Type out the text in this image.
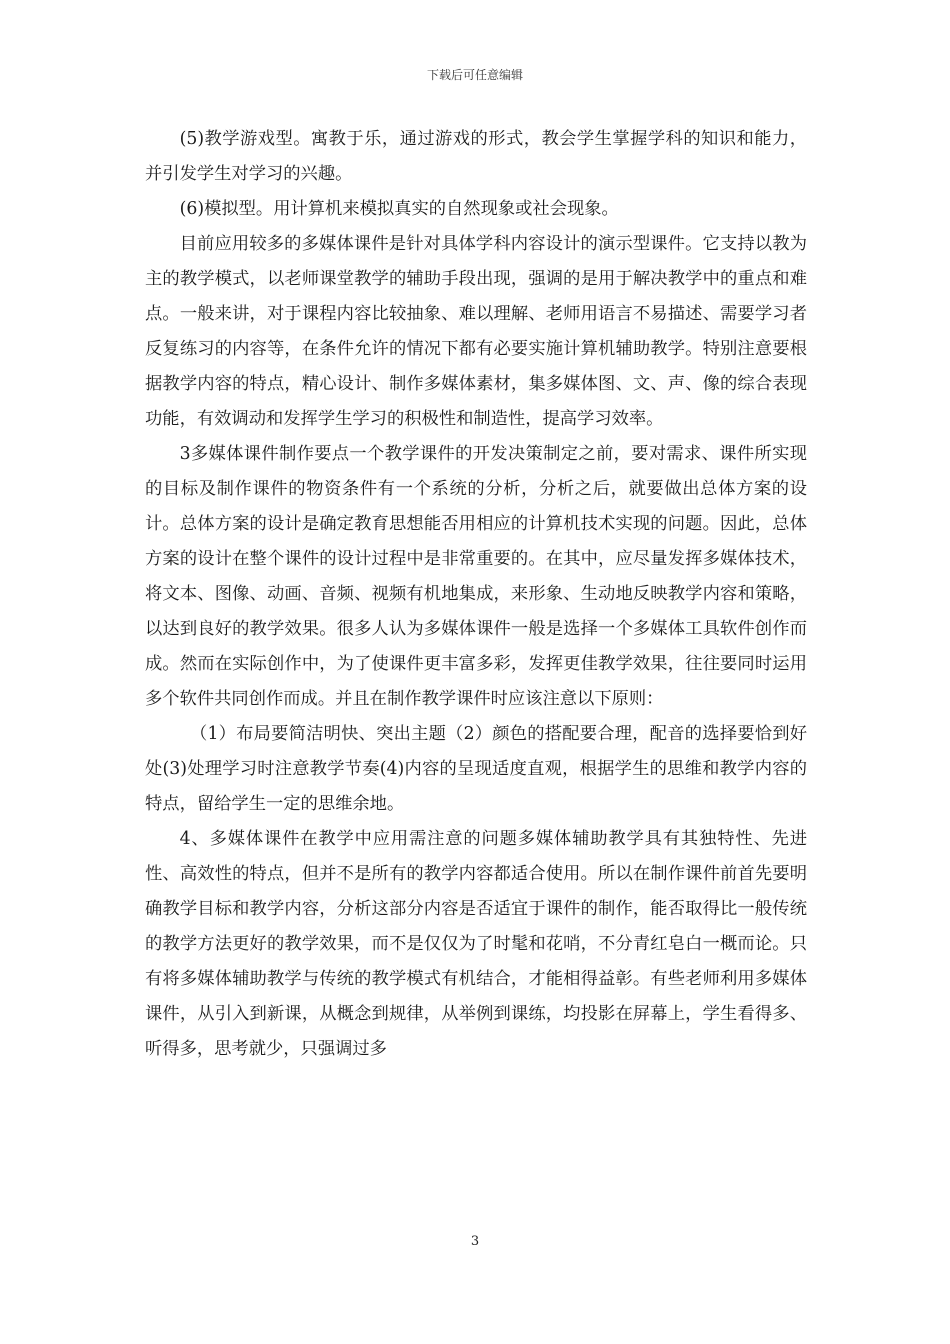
下载后可任意编辑

(5)教学游戏型。寓教于乐，通过游戏的形式，教会学生掌握学科的知识和能力，并引发学生对学习的兴趣。

(6)模拟型。用计算机来模拟真实的自然现象或社会现象。

目前应用较多的多媒体课件是针对具体学科内容设计的演示型课件。它支持以教为主的教学模式，以老师课堂教学的辅助手段出现，强调的是用于解决教学中的重点和难点。一般来讲，对于课程内容比较抽象、难以理解、老师用语言不易描述、需要学习者反复练习的内容等，在条件允许的情况下都有必要实施计算机辅助教学。特别注意要根据教学内容的特点，精心设计、制作多媒体素材，集多媒体图、文、声、像的综合表现功能，有效调动和发挥学生学习的积极性和制造性，提高学习效率。

3多媒体课件制作要点一个教学课件的开发决策制定之前，要对需求、课件所实现的目标及制作课件的物资条件有一个系统的分析，分析之后，就要做出总体方案的设计。总体方案的设计是确定教育思想能否用相应的计算机技术实现的问题。因此，总体方案的设计在整个课件的设计过程中是非常重要的。在其中，应尽量发挥多媒体技术，将文本、图像、动画、音频、视频有机地集成，来形象、生动地反映教学内容和策略，以达到良好的教学效果。很多人认为多媒体课件一般是选择一个多媒体工具软件创作而成。然而在实际创作中，为了使课件更丰富多彩，发挥更佳教学效果，往往要同时运用多个软件共同创作而成。并且在制作教学课件时应该注意以下原则：

（1）布局要简洁明快、突出主题（2）颜色的搭配要合理，配音的选择要恰到好处(3)处理学习时注意教学节奏(4)内容的呈现适度直观，根据学生的思维和教学内容的特点，留给学生一定的思维余地。

4、多媒体课件在教学中应用需注意的问题多媒体辅助教学具有其独特性、先进性、高效性的特点，但并不是所有的教学内容都适合使用。所以在制作课件前首先要明确教学目标和教学内容，分析这部分内容是否适宜于课件的制作，能否取得比一般传统的教学方法更好的教学效果，而不是仅仅为了时髦和花哨，不分青红皂白一概而论。只有将多媒体辅助教学与传统的教学模式有机结合，才能相得益彰。有些老师利用多媒体课件，从引入到新课，从概念到规律，从举例到课练，均投影在屏幕上，学生看得多、听得多，思考就少，只强调过多

3
